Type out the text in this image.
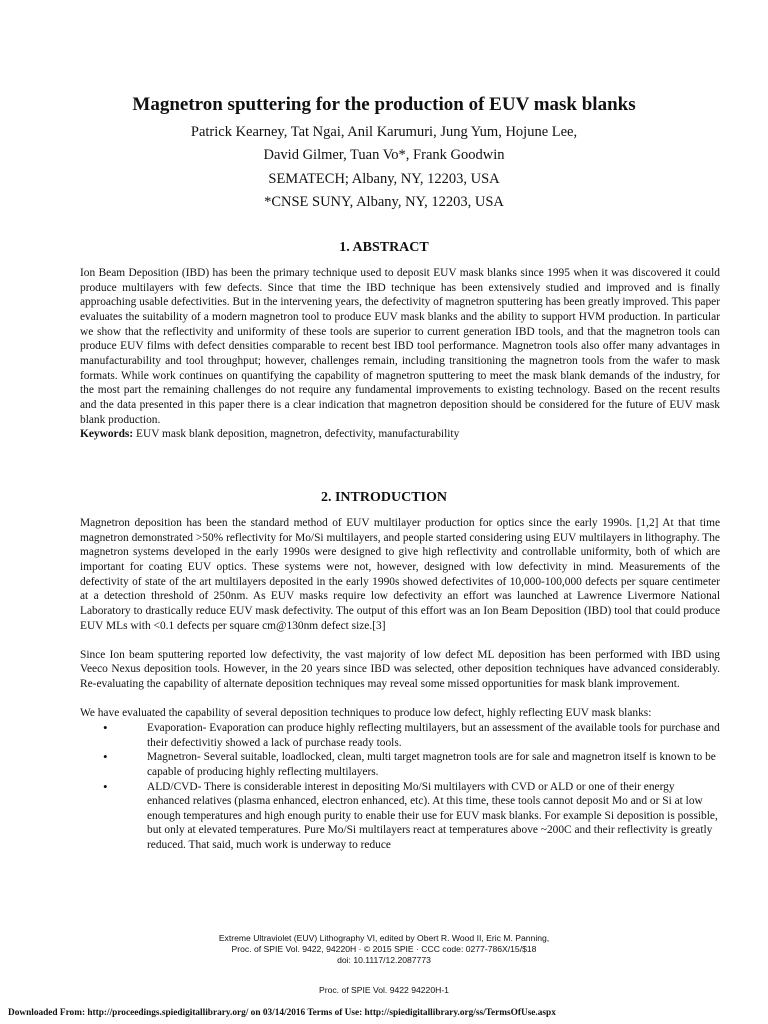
Magnetron sputtering for the production of EUV mask blanks
Patrick Kearney, Tat Ngai, Anil Karumuri, Jung Yum, Hojune Lee,
David Gilmer, Tuan Vo*, Frank Goodwin
SEMATECH; Albany, NY, 12203, USA
*CNSE SUNY, Albany, NY, 12203, USA
1. ABSTRACT

Ion Beam Deposition (IBD) has been the primary technique used to deposit EUV mask blanks since 1995 when it was discovered it could produce multilayers with few defects. Since that time the IBD technique has been extensively studied and improved and is finally approaching usable defectivities. But in the intervening years, the defectivity of magnetron sputtering has been greatly improved. This paper evaluates the suitability of a modern magnetron tool to produce EUV mask blanks and the ability to support HVM production. In particular we show that the reflectivity and uniformity of these tools are superior to current generation IBD tools, and that the magnetron tools can produce EUV films with defect densities comparable to recent best IBD tool performance. Magnetron tools also offer many advantages in manufacturability and tool throughput; however, challenges remain, including transitioning the magnetron tools from the wafer to mask formats. While work continues on quantifying the capability of magnetron sputtering to meet the mask blank demands of the industry, for the most part the remaining challenges do not require any fundamental improvements to existing technology. Based on the recent results and the data presented in this paper there is a clear indication that magnetron deposition should be considered for the future of EUV mask blank production.

Keywords: EUV mask blank deposition, magnetron, defectivity, manufacturability

2. INTRODUCTION

Magnetron deposition has been the standard method of EUV multilayer production for optics since the early 1990s. [1,2] At that time magnetron demonstrated >50% reflectivity for Mo/Si multilayers, and people started considering using EUV multilayers in lithography. The magnetron systems developed in the early 1990s were designed to give high reflectivity and controllable uniformity, both of which are important for coating EUV optics. These systems were not, however, designed with low defectivity in mind. Measurements of the defectivity of state of the art multilayers deposited in the early 1990s showed defectivites of 10,000-100,000 defects per square centimeter at a detection threshold of 250nm. As EUV masks require low defectivity an effort was launched at Lawrence Livermore National Laboratory to drastically reduce EUV mask defectivity. The output of this effort was an Ion Beam Deposition (IBD) tool that could produce EUV MLs with <0.1 defects per square cm@130nm defect size.[3]

Since Ion beam sputtering reported low defectivity, the vast majority of low defect ML deposition has been performed with IBD using Veeco Nexus deposition tools. However, in the 20 years since IBD was selected, other deposition techniques have advanced considerably. Re-evaluating the capability of alternate deposition techniques may reveal some missed opportunities for mask blank improvement.

We have evaluated the capability of several deposition techniques to produce low defect, highly reflecting EUV mask blanks:

•	Evaporation- Evaporation can produce highly reflecting multilayers, but an assessment of the available tools for purchase and their defectivitiy showed a lack of purchase ready tools.
•	Magnetron- Several suitable, loadlocked, clean, multi target magnetron tools are for sale and magnetron itself is known to be capable of producing highly reflecting multilayers.
•	ALD/CVD- There is considerable interest in depositing Mo/Si multilayers with CVD or ALD or one of their energy enhanced relatives (plasma enhanced, electron enhanced, etc). At this time, these tools cannot deposit Mo and or Si at low enough temperatures and high enough purity to enable their use for EUV mask blanks. For example Si deposition is possible, but only at elevated temperatures. Pure Mo/Si multilayers react at temperatures above ~200C and their reflectivity is greatly reduced. That said, much work is underway to reduce
Extreme Ultraviolet (EUV) Lithography VI, edited by Obert R. Wood II, Eric M. Panning,
Proc. of SPIE Vol. 9422, 94220H · © 2015 SPIE · CCC code: 0277-786X/15/$18
doi: 10.1117/12.2087773
Proc. of SPIE Vol. 9422 94220H-1
Downloaded From: http://proceedings.spiedigitallibrary.org/ on 03/14/2016 Terms of Use: http://spiedigitallibrary.org/ss/TermsOfUse.aspx
